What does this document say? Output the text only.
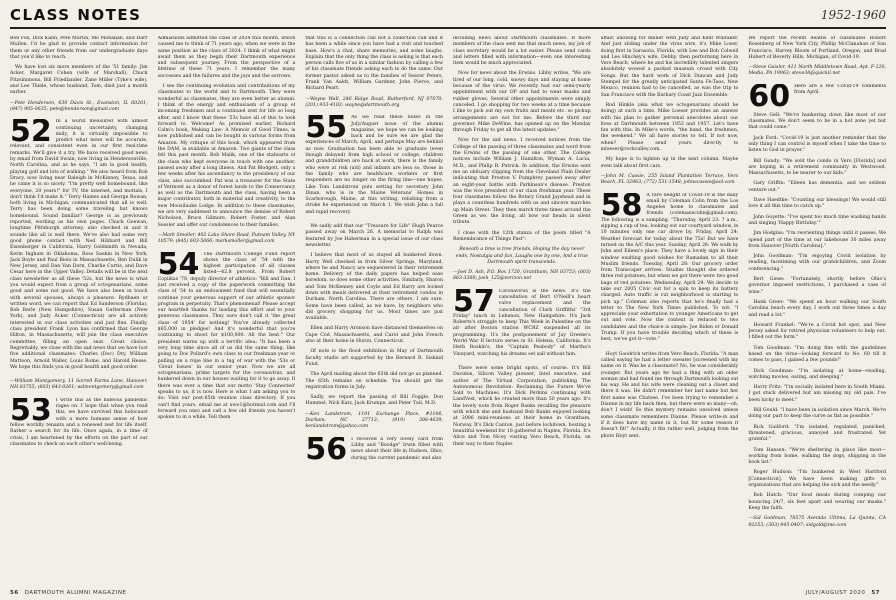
CLASS NOTES	1952-1960

Bob Fox, Dick Kahn, Pete Martin, Mo Monahan, and Harr Mullen. I'd be glad to provide contact information for them or any other friends from our undergraduate days that you'd like to reach.

We have lost six more members of the '51 family: Jim Acker, Margaret Cohen (wife of Marshall), Chuck Fitzsimmons, Bill Friedlander, Zane Miller (Tyke's wife), and Lee Thiele, whose husband, Tom, died just a month earlier.

—Pete Henderson, 630 Davis St., Evanston, IL 60201; (847) 905-0635; pete@henderson@gmail.com
52 In a world measured with almost continuing uncertainty, changing daily, it is virtually impossible to predict what news will be accurate, relevant, and consistent even in our first real-time remarks. We'll give it a try. We have received good news by email from David Swain, now living in Hendersonville, North Carolina, and as he says, "I am in good health, playing golf and lots of walking." We also heard from Bob Dracy, now living near Raleigh in McKinney, Texas, and he came it is so nicely. "I'm pretty well homebound, like everyone, 20 years!" for TV, the internet, and mottals, I don't think I'd make it." Terry Haines and George Rowan, both living in Michigan, communicated that all is well. Terry has been doing some traveling but knows homebound. Sound familiar? George is as previously reported, working as his own pages. Chuck Goewan, longtime Pittsburgh attorney, also checked in and it sounds like all is well there. We've also had some very good phone contact with Ned Hibbard and Bill Eisenberger in California, Harry Goldsmith in Nevada, Kerm Ingham in Oklahoma, Ross Saekin in New York, Jack Boyle and Paul Biolo in Massachusetts, Ben Dulik in New Jersey, and Dan Van Dorn, Charlie Curtis, and Dave Cesar here in the Upper Valley. Details will be in the next class newsletter as all these '52s, but the news is what you would expect from a group of octogenarians, some good and some not good. We have also been in touch with several spouses, always a pleasure. Rydbaen or written word, we can report that Ed Sanderson (Florida), Bob Berle (New Hampshire), Susan Gutterman (New York), and Judy Acker (Connecticut) are all actively interested in our class activities and just fine. Finally, class president Frank Lyon has confirmed that George Hilton, in Massachusetts, will join the class executive committee, filling an open seat. Great choice. Regrettably, we close with the sad news that we have lost five additional classmates: Charles (Doc) Dry, William Mattoon, Arnold Waller, Louis Rome, and Harold Hesse. We hope this finds you in good health and good order.

—William Montgomery, 11 Sorrell Farms Lane, Hanover, NH 03755; (603) 643-0261; wdmontgomery@gmail.com
53 I write this as the hideous pandemic rages on. I hope that when you read this, we have survived this holocaust with a more humane sense of how fellow worldly tenants and a renewed zest for life itself. Rather a search for its life. Once again, in a time of crisis, I am heartened by the efforts on the part of our classmates to check on each other's well-being.

Admissions admitted the class of 2024 this month, which caused me to think of 71 years ago, when we were in the same position as the class of 2024. I think of what might await them as they begin their Dartmouth experience and subsequent journey. From the perspective of a lifetime of these 71 years, I remember the many successes and the failures and the joys and the sorrows.

I see the continuing evolution and contributions of my classmates to the world and to Dartmouth. They were wonderful as classmates, they are even better as alumni. I think of the energy and enthusiasm of a group of incoming freshmen and a continued zest for life so long after, and I know that these '53s have all of this to look forward to. Welcome! As promised earlier, Richard Calm's book, Making Law: A Memoir of Good Times, is now published and can be bought in various forms from Amazon. My critique of this book, which appeared from the DAM, is available at Amazon. Two giants of the class fell this past month. Bob Malik, one of the stalwarts of the class who kept everyone in touch with one another, passed away after a long illness. And Pat Blodgett, only a few weeks after his ascendancy to the presidency of our class, also succumbed. Pat was a treasurer for the State of Vermont as a donor of forest lands to the Conservancy as well as the Dartmouth and the class, having been a major contributor, both in material and creativity, to the new Moosilauke Lodge. In addition to these classmates, we are very saddened to announce the demise of Robert Nicholson, Bruce Gilmore, Robert Foster, and Alan Sessler and offer our condolences to their families.

—Mark Smoller, 402 Lake Shore Road, Putnam Valley, NY 10579; (845) 603-5066; marksmoller@gmail.com
54 The Dartmouth College Fund report shows the class of '54 with the highest participation of all classes listed—42.8 percent. From Robert Coplikas '78, deputy director of athletics: "Bill and Dan, I just received a copy of the paperwork committing the class of '54 to an endowment fund that will essentially continue your generous support of our athletic sponsor program in perpetuity. That's phenomenal! Please accept our heartfelt thanks for leading this effort and to your generous classmates. They sure don't call it 'the great class of 1954' for nothing! You've already collected $65,000 in pledges! And it's wonderful that you're continuing to shoot for $100,000. All the best." Our president warns up with a terrific idea: "It has been a very long time since all of us did the same thing, like going to Doc Pollard's own class to our freshman year or pulling on a rope line in a tug of war with the '53s or 'Great Issues' in our senior year. Now we are all octogenarians, prime targets for the coronavirus, and hunkered down in our houses waiting for it to go away. If there was ever a time that our motto 'Stay Connected' speaks to us, it is now. Here is what I am asking you to do: Visit our post-85th reunion class directory. If you can't find yours, email me at uwo1@hotmail.com and I'll forward you one) and call a few old friends you haven't spoken to in a while. Tell them

that this is a connection call not a collection call and it has been a while since you have had a visit and touched base. How's a chat, share memories, and some laughs. Explain that the only thing the class is asking is that each person calls five of us in a similar fashion by calling a few of his classmate friends asking each to do the same. Our former pastor asked us to the families of Seaver Peters, Frank Van Aaldt, William Gardner, John Pierce, and Richard Peart.

—Wayne Wall, 246 Ridge Road, Rutherford, NJ 07070; (201) 933-4102; wayne@dartmouth.org
55 As we read these notes in the July/August issue of the alumni magazine, we hope we can be looking back and be sure we are glad the experiences of March, April, and perhaps May are behind us now. Graduation has been able to graduate (even though delayed) from high school or college, children and grandchildren are back at work, there is the family who were at risk (aid) and infants are less so, those in the family who are healthcare workers or first responders are no longer on the firing line—one hopes. Like Tom Landstrom puts setting for secretary John Dinan, who is in the Maine Veterans' Homes in Scarborough, Maine, at this writing, relishing from a stroke he experienced on March 1. We wish John a full and rapid recovery.

We sadly add that our "Treasure for Life" Hugh Pearce passed away on March 26. A memorial to Ralph was featured by Joe Haberman in a special issue of our class newsletter.

I believe that most of us stayed all hunkered down. Harry Well checked in from Silver Springs, Maryland, where he and Nancy are sequestered in their retirement home. Delivery of the daily papers has helped ease boredom, so does some other activities. Similarly, Sharon and Tom McKenney and Coyle and Ed Barry are locked down with meals delivered at their retirement condos in Durham, North Carolina. There are others, I am sure. Some have been called, as we have, by neighbors who did grocery shopping for us. Most times are just available.

Ellen and Harry Aronson have distanced themselves on Cape Cod, Massachusetts, and Carol and John French also at their home in Huron, Connecticut.

Of note is the flood exhibition in May of Dartmouth faculty studio art supported by the Bernard R. Siskind Fund.

The April mailing about the 65th did not go as planned. The 65th remains on schedule. You should get the registration forms in July.

Sadly, we report the passing of Bill Foggle, Don Hummel, Nick Katz, Jack Krumpe, and Peter Tuil, M.D.

—Ken Landstrom, 1101 Exchange Place, #1106, Durham, NC 27713; (919) 306-4639; kenlandstrom@yahoo.com
56 I received a very lovely card from Libby and "Boodge" Irwin filled with news about their life in Hudson, Ohio, during the current pandemic and also

including news about Dartmouth classmates. If more members of the class sent me that much news, my job of class secretary would be a lot easier. Please send cards and letters filled with information—even one interesting item would be much appreciated.

Now for news about the Erwins. Libby writes, "We are tired of our long, cold, snowy days and staying at home because of the virus. We recently had our semi-yearly appointment with our OP and had to wear masks and rubber gloves. Several other appointments were simply canceled. I go shopping for two weeks at a time because I like to pick out my own fruits and meats etc. so pickup arrangements are not for me. Before the third our governor, Mike DeWine, has opened up on the Monday through Friday to get all the latest updates."

Now for the sad news. I received notices from the College of the passing of three classmates and word from the Erwins of the passing of one other. The College notices include William J. Hamilton, Wyman A. Lucia, M.D., and Philip R. Patrick. In addition, the Erwins sent me an obituary clipping from the Cleveland Plain Dealer indicating that Preston V. Pumphrey passed away after an eight-year battle with Parkinson's disease. Preston was the vice president of our class freshman year. These four classmates follow the Rotary Grand Jayshead and in plays a countless hundreds with us and sincere marches up Main Street. They then march three times around the Green as we, the living, all bow our heads in silent tribute.

I close with the 12th stanza of the poem titled "A Remembrance of Things Past":

Beneath a time is tree friends, Hoping the day never ends, Nostalgia and fun, Laughs one by one, And a true Dartmouth spirit transcends.

—Joel D. Ash, P.O. Box 1720, Grantham, NH 03753; (603) 863-3360; joeh_125@verizon.net
57 Coronavirus is the news. It's the cancellation of Bert O'Neill's heart valve replacement and the cancellation of Clark Griffiths' "3rd Friday" lunch in Lebanon, New Hampshire. It's Jack Roberts's struggle to keep This Week in Palestine on the air after Boston station WCRZ suspended all its programming. It's the postponement of Jay Greene's World War II lecture series in St. Helena, California. It's Herb Roskin's, the "Captain Peabody" of Martha's Vineyard, watching his dreams set sail without him.

There were some bright spots, of course. It's Bill Davidon, Silicon Valley pioneer, Intel executive, and author of The Virtual Corporation, publishing The Autonomous Revolution: Reclaiming the Future We've Sold to Machines. It's Dick Perkins continuing with LandVest, which he created more than 50 years ago. It's the lovely note from Roger Banks recalling the pleasure with which she and husband Bob Banks enjoyed looking at 2006 mini-reunions at their home in Grantham, Norway. It's Dick Canton, just before lockdown, hosting a beautiful weekend for 18 gathered in Naples, Florida. It's Alice and Tom Nicey visiting Vero Beach, Florida, on their way to their Naples

affair, allowing for dinner with Judy and Kent Whitaker. And just sliding under the virus wire, it's Mike Loser, doing first in Sarasota, Florida, with Lee and Bob Colwell and Les Hinchey's wife, Debby, then performing here in Vero Beach, where he and his incredibly talented singers absolutely wowed a packed museum crowd with City Songs. But the hard work of Dick Duncan and Judy Stempel for the greatly anticipated Santa Fe-Taos, New Mexico, reunion had to be cancelled, as was the trip to San Francisco with the Barbary Coast Jazz Ensemble.

Rod Hinkle (aka what we octogenarians should be doing) at such a time. Mike Loeser provides an answer with his plan to gather personal anecdotes about our lives at Dartmouth between 1953 and 1957. Let's have fun with this. In Mike's words, "the band, the freshmen, the weekend." We all have stories to tell. If not now, when? Please send yours directly to mloeser@rockvalley.com.

My hope is to lighten up in the next column. Maybe even talk about first cars.

—John M. Cassie, 255 Island Plantation Terrace, Vero Beach, FL 32963; (772) 531-1548; johnecassie@aol.com
58 A rare delight of Covid-19 is the daily email by Coleman Colin from the Los Angeles home to classmates and friends (colemanscolin@gmail.com). The following is a sampling. "Thursday, April 23: 7 a.m., sipping a cup of tea, looking out our courtyard window, in 10 minutes only one car drove by. Friday, April 24: Weather forecast for today about the 75s! But we have turned on the A/C this year. Sunday, April 26: We walk by John and Eileen's place. They have a lovely sign in their window exalting good wishes for Ramadan to all their Muslim friends. Tuesday, April 28: Our grocery order from Transcaper arrives. Studies thought she ordered three red potatoes, but when we got there were two good bags of red potatoes. Wednesday, April 29: We decide to take our 2005 Civic out for a spin to keep its battery charged. Auto traffic is cut neighborhood is starting to pick up." Coleman also reports that he's finally had a letter to The New York Times published. To wit: "I appreciate your exhortation to younger Americans to get out and vote. Now the context is reduced to two candidates and the choice is simple: Joe Biden or Donald Trump. If you have trouble deciding which of these is best, we've got it—vote."

Hoyt Goodrich writes from Vero Beach, Florida: "A man called saying he had a letter sweater [screened with my name on it. Was he a classmate? No, he was considerably younger. But years ago he had a fling with an older woman and had found me through Dartmouth looking out his way. He and his wife were cleaning out a closet and there it was. He didn't remember her last name but her first name was Chatsee. I've been trying to remember a Dianne in my life back then, but there were so many—oh, don't I wish! So this mystery remains unsolved unless some classmate remembers Dianne. Please write-in and if it does have my name in it, but for some reason it doesn't fit!" Actually, it fits rather well, judging from the photo Hoyt sent.

We report the recent deaths of classmates Robert Rosenberg of New York City, Phillip McClanahan of San Francisco, Harvey Bloom of Portland, Oregon, and Brad Hubert of Beverly Hills, Michigan, of Covid-19.

—Steve Gaisler, 411 North Middletown Road, Apt. F-120, Media, PA 19063; steve38@quickil.net
60 Here are a few Covid-19 comments from April.

Steve Gell: "We're hunkering down like most of our classmates. We don't seem to be in a hot zone yet but that could come."

Jack Ford: "Covid-19 is just another reminder that the only thing I can control is myself when I take the time to listen to God in prayer."

Bill Gundy: "We sold the condo in Vero [Florida] and are hoping in a retirement community in Westwood, Massachusetts, to be nearer to our kids."

Gary Griffin: "Eileen has dementia, and we seldom venture out."

Dave Haedtke: "Counting our blessings! We would still love it all this time to catch up."

John Goyette: "I've spent too much time washing hands and singing 'Happy Birthday.'"

Jim Hodgins: "I'm reorienting things until it passes. We spend part of the time at our lakehouse 30 miles away from Hanover [North Carolina]."

John Goodman: "I'm enjoying Covid isolation by reading, facetiming with our grandchildren, and Zoom conferencing."

Bert Giese: "Fortunately, shortly before Ohio's governor imposed restrictions, I purchased a case of wine."

Hank Greer: "We spend an hour walking our South Carolina beach every day, I work out three times a day and read a lot."

Howard Frankel: "We're a Covid hot spot, and New Jersey asked for retired physician volunteers to help out. I filled out the form."

Tom Goodman: "I'm doing fine with the guidelines based on the virus—looking forward to No. 60 till it comes to pass, I gained a few pounds!"

Dick Goodman: "I'm isolating at home—reading, watching movies, eating, and sleeping."

Harry Fritz: "I'm socially isolated here in South Miami. I got stuck delivered but am missing my old pals. I've been lucky to meet."

Bill Gould: "I have been in isolation since March. We're doing our part to keep the curve as flat as possible."

Rick Guilford: "I'm isolated, regulated, panicked, threatened, gracious, annoyed and frustrated. Yet grateful."

Tom Hansen: "We're sheltering in place like most—working from home, walking the dogs, shipping in the book list."

Roger Hudson: "I'm hunkered in West Hartford [Connecticut]. We have been making gifts to organizations that are helping the sick and the needy."

Bob Hatch: "Our food meals during comping our bouncing 24/7, six feet apart and wearing our masks." Keep the faith.

—Sid Goldman, 78575 Avenida Ultima, La Quinta, CA 92253; (303) 845-0407; sidgold@me.com
56 DARTMOUTH ALUMNI MAGAZINE	JULY/AUGUST 2020 57
